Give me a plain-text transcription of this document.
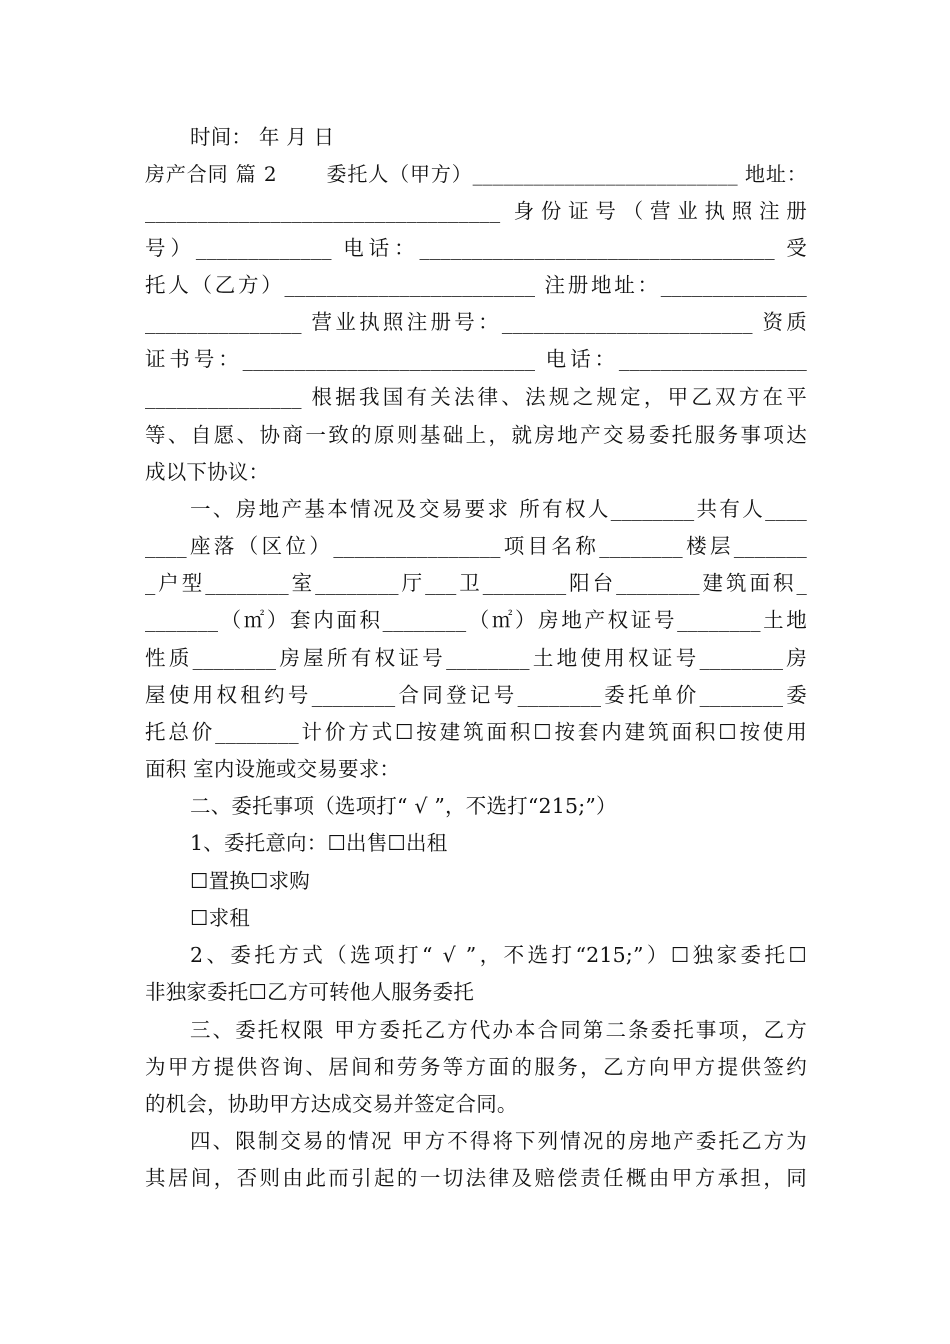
时间： 年 月 日
房产合同 篇 2　　 委托人（甲方）__________________________ 地址：
__________________________________ 身份证号（营业执照注册
号）_____________ 电话：__________________________________ 受
托人（乙方）________________________ 注册地址：______________
_______________ 营业执照注册号：________________________ 资质
证书号：____________________________ 电话：__________________
_______________ 根据我国有关法律、法规之规定，甲乙双方在平
等、自愿、协商一致的原则基础上，就房地产交易委托服务事项达
成以下协议：
一、房地产基本情况及交易要求 所有权人________共有人____
____座落（区位）________________项目名称________楼层_______
_户型________室________厅___卫________阳台________建筑面积_
_______（㎡）套内面积________（㎡）房地产权证号________土地
性质________房屋所有权证号________土地使用权证号________房
屋使用权租约号________合同登记号________委托单价________委
托总价________计价方式☐按建筑面积☐按套内建筑面积☐按使用
面积 室内设施或交易要求：
二、委托事项（选项打“ √ ”，不选打“215;”）
1、委托意向：☐出售☐出租
☐置换☐求购
☐求租
2、委托方式（选项打“ √ ”，不选打“215;”）☐独家委托☐
非独家委托☐乙方可转他人服务委托
三、委托权限 甲方委托乙方代办本合同第二条委托事项，乙方
为甲方提供咨询、居间和劳务等方面的服务，乙方向甲方提供签约
的机会，协助甲方达成交易并签定合同。
四、限制交易的情况 甲方不得将下列情况的房地产委托乙方为
其居间，否则由此而引起的一切法律及赔偿责任概由甲方承担，同
